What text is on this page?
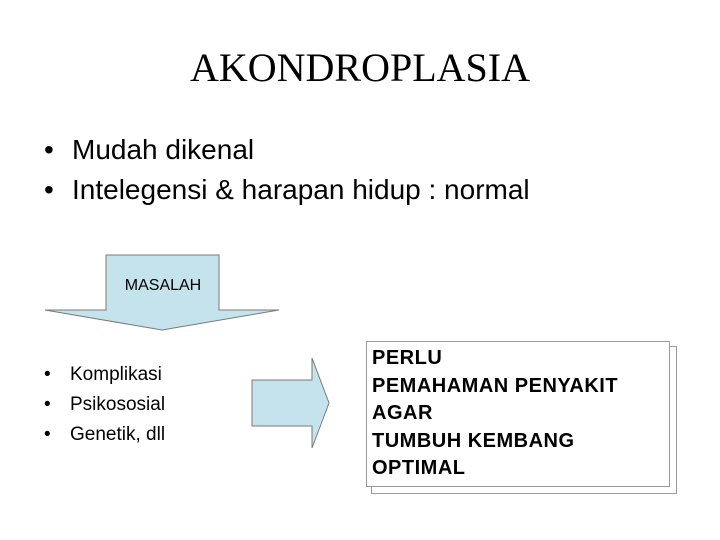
AKONDROPLASIA
• Mudah dikenal
• Intelegensi & harapan hidup : normal
MASALAH
• Komplikasi
• Psikososial
• Genetik, dll
PERLU
PEMAHAMAN PENYAKIT
AGAR
TUMBUH KEMBANG
OPTIMAL
